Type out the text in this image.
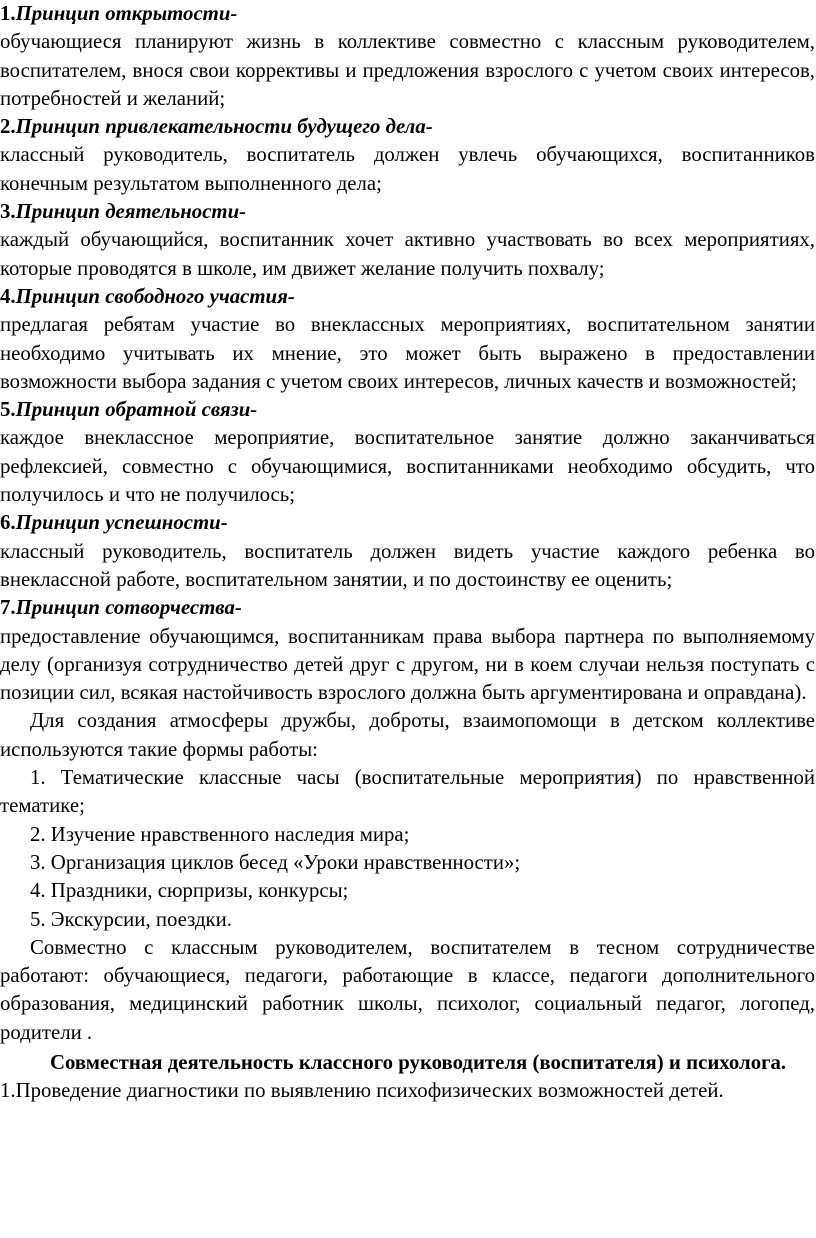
1.Принцип открытости-

обучающиеся планируют жизнь в коллективе совместно с классным руководителем, воспитателем, внося свои коррективы и предложения взрослого с учетом своих интересов, потребностей и желаний;

2.Принцип привлекательности будущего дела-

классный руководитель, воспитатель должен увлечь обучающихся, воспитанников конечным результатом выполненного дела;

3.Принцип деятельности-

каждый обучающийся, воспитанник хочет активно участвовать во всех мероприятиях, которые проводятся в школе, им движет желание получить похвалу;

4.Принцип свободного участия-

предлагая ребятам участие во внеклассных мероприятиях, воспитательном занятии необходимо учитывать их мнение, это может быть выражено в предоставлении возможности выбора задания с учетом своих интересов, личных качеств и возможностей;

5.Принцип обратной связи-

каждое внеклассное мероприятие, воспитательное занятие должно заканчиваться рефлексией, совместно с обучающимися, воспитанниками необходимо обсудить, что получилось и что не получилось;

6.Принцип успешности-

классный руководитель, воспитатель должен видеть участие каждого ребенка во внеклассной работе, воспитательном занятии, и по достоинству ее оценить;

7.Принцип сотворчества-

предоставление обучающимся, воспитанникам права выбора партнера по выполняемому делу (организуя сотрудничество детей друг с другом, ни в коем случаи нельзя поступать с позиции сил, всякая настойчивость взрослого должна быть аргументирована и оправдана).

Для создания атмосферы дружбы, доброты, взаимопомощи в детском коллективе используются такие формы работы:

1. Тематические классные часы (воспитательные мероприятия) по нравственной тематике;

2. Изучение нравственного наследия мира;

3. Организация циклов бесед «Уроки нравственности»;

4. Праздники, сюрпризы, конкурсы;

5. Экскурсии, поездки.

Совместно с классным руководителем, воспитателем в тесном сотрудничестве работают: обучающиеся, педагоги, работающие в классе, педагоги дополнительного образования, медицинский работник школы, психолог, социальный педагог, логопед, родители .

Совместная деятельность классного руководителя (воспитателя) и психолога.

1.Проведение диагностики по выявлению психофизических возможностей детей.
